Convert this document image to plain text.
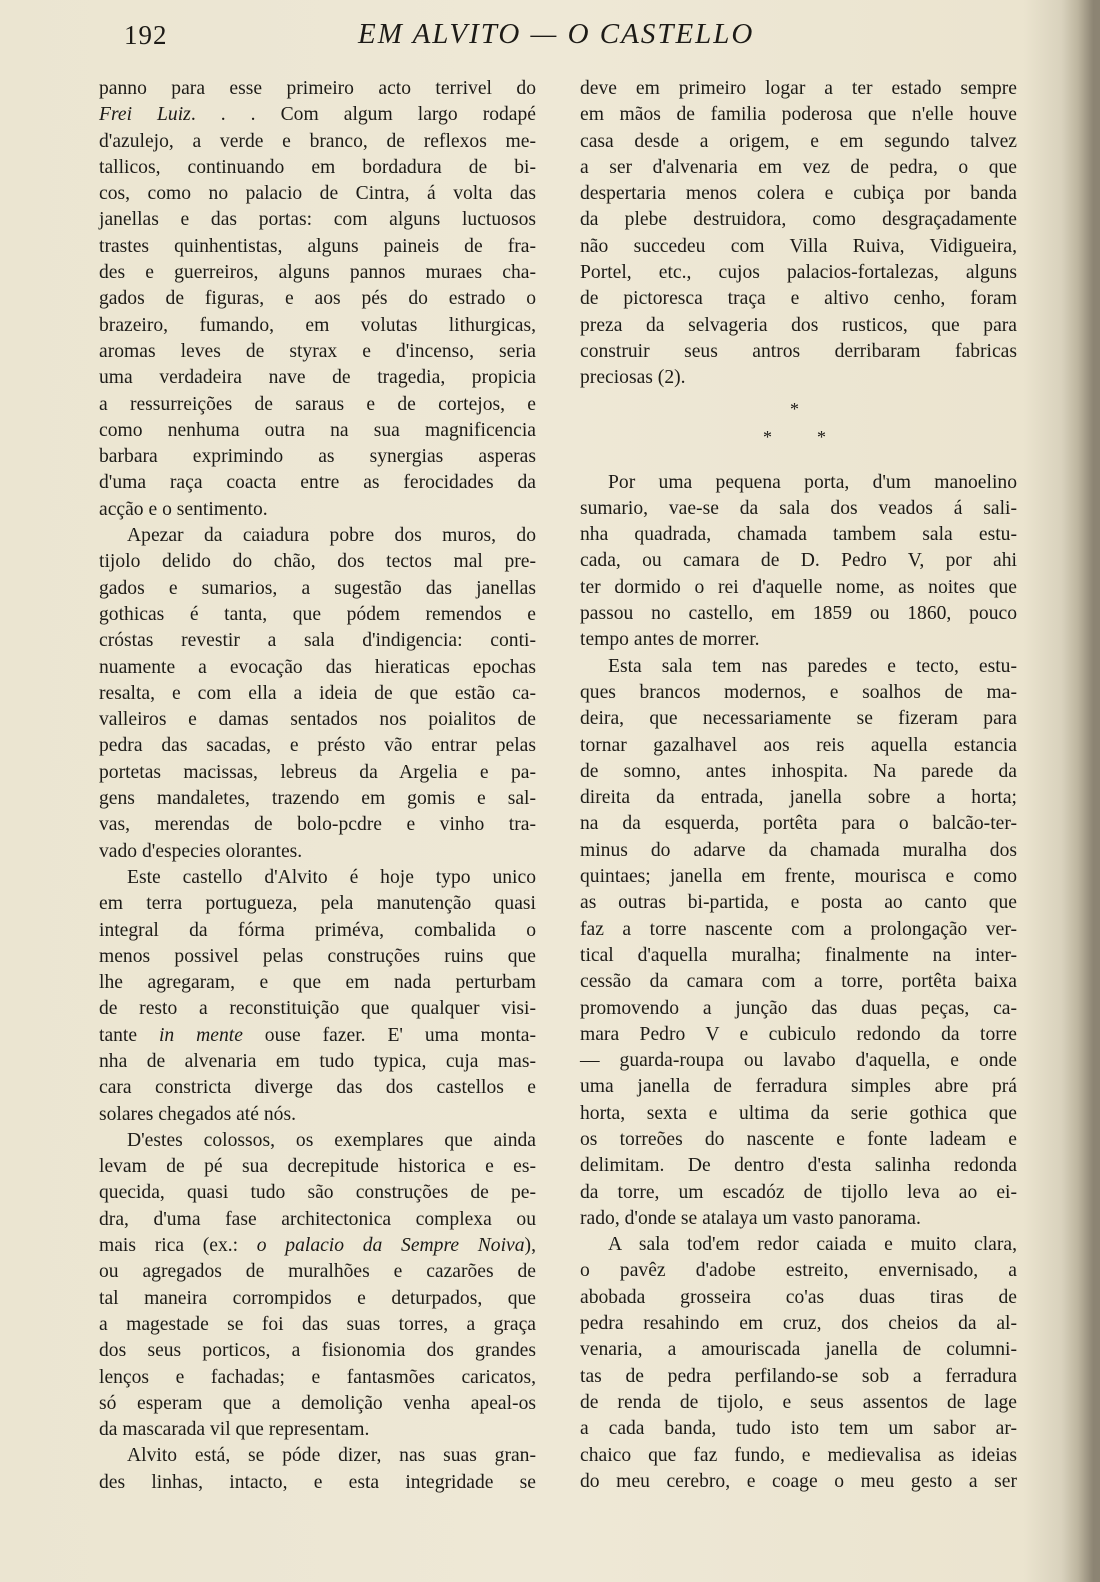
192	EM ALVITO — O CASTELLO
panno para esse primeiro acto terrivel do
Frei Luiz. . . Com algum largo rodapé
d'azulejo, a verde e branco, de reflexos me-
tallicos, continuando em bordadura de bi-
cos, como no palacio de Cintra, á volta das
janellas e das portas: com alguns luctuosos
trastes quinhentistas, alguns paineis de fra-
des e guerreiros, alguns pannos muraes cha-
gados de figuras, e aos pés do estrado o
brazeiro, fumando, em volutas lithurgicas,
aromas leves de styrax e d'incenso, seria
uma verdadeira nave de tragedia, propicia
a ressurreições de saraus e de cortejos, e
como nenhuma outra na sua magnificencia
barbara exprimindo as synergias asperas
d'uma raça coacta entre as ferocidades da
acção e o sentimento.
Apezar da caiadura pobre dos muros, do
tijolo delido do chão, dos tectos mal pre-
gados e sumarios, a sugestão das janellas
gothicas é tanta, que pódem remendos e
cróstas revestir a sala d'indigencia: conti-
nuamente a evocação das hieraticas epochas
resalta, e com ella a ideia de que estão ca-
valleiros e damas sentados nos poialitos de
pedra das sacadas, e présto vão entrar pelas
portetas macissas, lebreus da Argelia e pa-
gens mandaletes, trazendo em gomis e sal-
vas, merendas de bolo-pcdre e vinho tra-
vado d'especies olorantes.
Este castello d'Alvito é hoje typo unico
em terra portugueza, pela manutenção quasi
integral da fórma priméva, combalida o
menos possivel pelas construções ruins que
lhe agregaram, e que em nada perturbam
de resto a reconstituição que qualquer visi-
tante in mente ouse fazer. E' uma monta-
nha de alvenaria em tudo typica, cuja mas-
cara constricta diverge das dos castellos e
solares chegados até nós.
D'estes colossos, os exemplares que ainda
levam de pé sua decrepitude historica e es-
quecida, quasi tudo são construções de pe-
dra, d'uma fase architectonica complexa ou
mais rica (ex.: o palacio da Sempre Noiva),
ou agregados de muralhões e cazarões de
tal maneira corrompidos e deturpados, que
a magestade se foi das suas torres, a graça
dos seus porticos, a fisionomia dos grandes
lenços e fachadas; e fantasmões caricatos,
só esperam que a demolição venha apeal-os
da mascarada vil que representam.
Alvito está, se póde dizer, nas suas gran-
des linhas, intacto, e esta integridade se
deve em primeiro logar a ter estado sempre
em mãos de familia poderosa que n'elle houve
casa desde a origem, e em segundo talvez
a ser d'alvenaria em vez de pedra, o que
despertaria menos colera e cubiça por banda
da plebe destruidora, como desgraçadamente
não succedeu com Villa Ruiva, Vidigueira,
Portel, etc., cujos palacios-fortalezas, alguns
de pictoresca traça e altivo cenho, foram
preza da selvageria dos rusticos, que para
construir seus antros derribaram fabricas
preciosas (2).
*
*	*
Por uma pequena porta, d'um manoelino
sumario, vae-se da sala dos veados á sali-
nha quadrada, chamada tambem sala estu-
cada, ou camara de D. Pedro V, por ahi
ter dormido o rei d'aquelle nome, as noites que
passou no castello, em 1859 ou 1860, pouco
tempo antes de morrer.
Esta sala tem nas paredes e tecto, estu-
ques brancos modernos, e soalhos de ma-
deira, que necessariamente se fizeram para
tornar gazalhavel aos reis aquella estancia
de somno, antes inhospita. Na parede da
direita da entrada, janella sobre a horta;
na da esquerda, portêta para o balcão-ter-
minus do adarve da chamada muralha dos
quintaes; janella em frente, mourisca e como
as outras bi-partida, e posta ao canto que
faz a torre nascente com a prolongação ver-
tical d'aquella muralha; finalmente na inter-
cessão da camara com a torre, portêta baixa
promovendo a junção das duas peças, ca-
mara Pedro V e cubiculo redondo da torre
— guarda-roupa ou lavabo d'aquella, e onde
uma janella de ferradura simples abre prá
horta, sexta e ultima da serie gothica que
os torreões do nascente e fonte ladeam e
delimitam. De dentro d'esta salinha redonda
da torre, um escadóz de tijollo leva ao ei-
rado, d'onde se atalaya um vasto panorama.
A sala tod'em redor caiada e muito clara,
o pavêz d'adobe estreito, envernisado, a
abobada grosseira co'as duas tiras de
pedra resahindo em cruz, dos cheios da al-
venaria, a amouriscada janella de columni-
tas de pedra perfilando-se sob a ferradura
de renda de tijolo, e seus assentos de lage
a cada banda, tudo isto tem um sabor ar-
chaico que faz fundo, e medievalisa as ideias
do meu cerebro, e coage o meu gesto a ser
